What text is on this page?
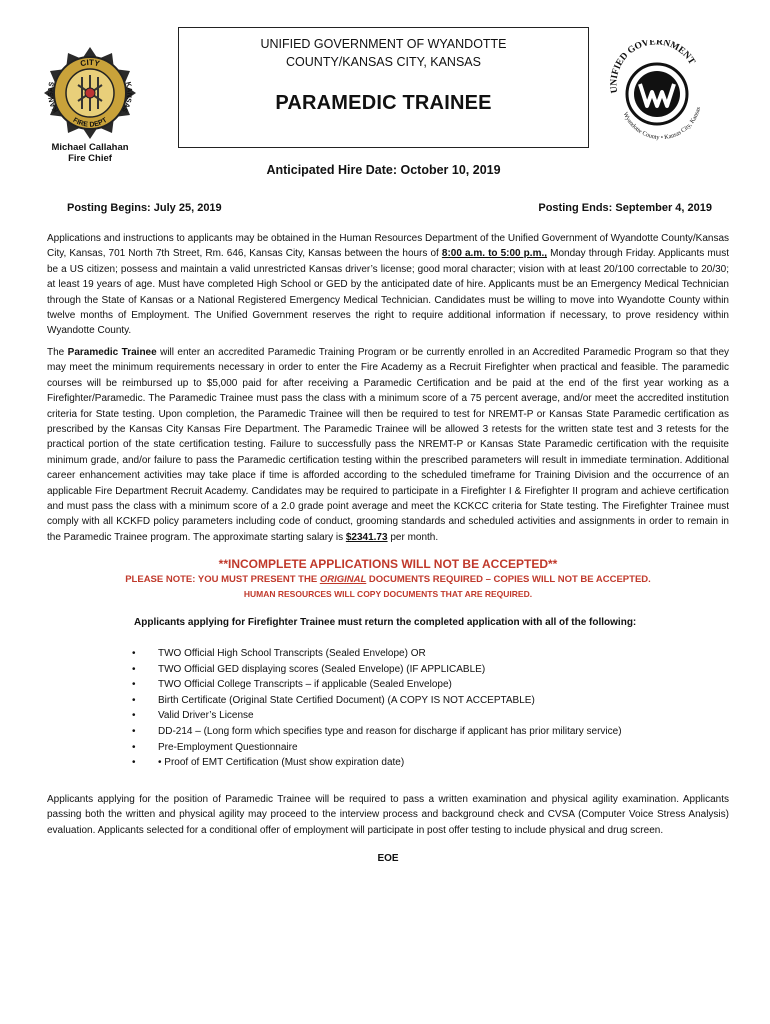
CITY
KANSAS	KANSAS
FIRE DEPT
Michael Callahan
Fire Chief
UNIFIED GOVERNMENT OF WYANDOTTE
COUNTY/KANSAS CITY, KANSAS
PARAMEDIC TRAINEE
UNIFIED GOVERNMENT
Wyandotte County • Kansas City, Kansas
Anticipated Hire Date: October 10, 2019
Posting Begins: July 25, 2019	Posting Ends: September 4, 2019
Applications and instructions to applicants may be obtained in the Human Resources Department of the Unified Government of Wyandotte County/Kansas City, Kansas, 701 North 7th Street, Rm. 646, Kansas City, Kansas between the hours of 8:00 a.m. to 5:00 p.m., Monday through Friday. Applicants must be a US citizen; possess and maintain a valid unrestricted Kansas driver’s license; good moral character; vision with at least 20/100 correctable to 20/30; at least 19 years of age. Must have completed High School or GED by the anticipated date of hire. Applicants must be an Emergency Medical Technician through the State of Kansas or a National Registered Emergency Medical Technician. Candidates must be willing to move into Wyandotte County within twelve months of Employment. The Unified Government reserves the right to require additional information if necessary, to prove residency within Wyandotte County.
The Paramedic Trainee will enter an accredited Paramedic Training Program or be currently enrolled in an Accredited Paramedic Program so that they may meet the minimum requirements necessary in order to enter the Fire Academy as a Recruit Firefighter when practical and feasible. The paramedic courses will be reimbursed up to $5,000 paid for after receiving a Paramedic Certification and be paid at the end of the first year working as a Firefighter/Paramedic. The Paramedic Trainee must pass the class with a minimum score of a 75 percent average, and/or meet the accredited institution criteria for State testing. Upon completion, the Paramedic Trainee will then be required to test for NREMT-P or Kansas State Paramedic certification as prescribed by the Kansas City Kansas Fire Department. The Paramedic Trainee will be allowed 3 retests for the written state test and 3 retests for the practical portion of the state certification testing. Failure to successfully pass the NREMT-P or Kansas State Paramedic certification with the requisite minimum grade, and/or failure to pass the Paramedic certification testing within the prescribed parameters will result in immediate termination. Additional career enhancement activities may take place if time is afforded according to the scheduled timeframe for Training Division and the occurrence of an applicable Fire Department Recruit Academy. Candidates may be required to participate in a Firefighter I & Firefighter II program and achieve certification and must pass the class with a minimum score of a 2.0 grade point average and meet the KCKCC criteria for State testing. The Firefighter Trainee must comply with all KCKFD policy parameters including code of conduct, grooming standards and scheduled activities and assignments in order to remain in the Paramedic Trainee program. The approximate starting salary is $2341.73 per month.
**INCOMPLETE APPLICATIONS WILL NOT BE ACCEPTED**
PLEASE NOTE: YOU MUST PRESENT THE ORIGINAL DOCUMENTS REQUIRED – COPIES WILL NOT BE ACCEPTED.
HUMAN RESOURCES WILL COPY DOCUMENTS THAT ARE REQUIRED.
Applicants applying for Firefighter Trainee must return the completed application with all of the following:
• TWO Official High School Transcripts (Sealed Envelope) OR
• TWO Official GED displaying scores (Sealed Envelope) (IF APPLICABLE)
• TWO Official College Transcripts – if applicable (Sealed Envelope)
• Birth Certificate (Original State Certified Document) (A COPY IS NOT ACCEPTABLE)
• Valid Driver’s License
• DD-214 – (Long form which specifies type and reason for discharge if applicant has prior military service)
• Pre-Employment Questionnaire
• • Proof of EMT Certification (Must show expiration date)
Applicants applying for the position of Paramedic Trainee will be required to pass a written examination and physical agility examination. Applicants passing both the written and physical agility may proceed to the interview process and background check and CVSA (Computer Voice Stress Analysis) evaluation. Applicants selected for a conditional offer of employment will participate in post offer testing to include physical and drug screen.
EOE
